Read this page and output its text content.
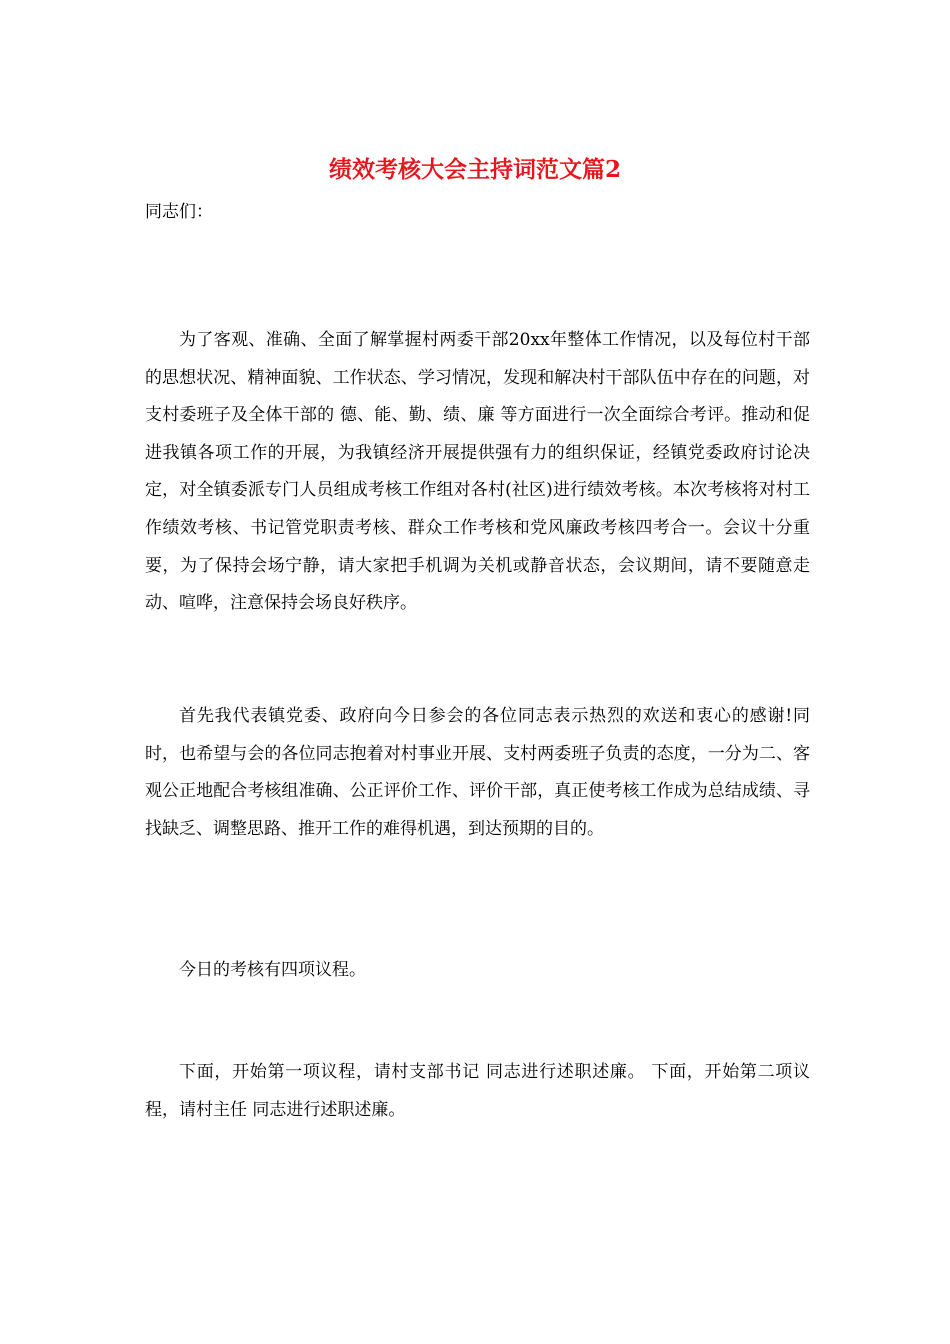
绩效考核大会主持词范文篇2
同志们：

为了客观、准确、全面了解掌握村两委干部20xx年整体工作情况，以及每位村干部的思想状况、精神面貌、工作状态、学习情况，发现和解决村干部队伍中存在的问题，对支村委班子及全体干部的 德、能、勤、绩、廉 等方面进行一次全面综合考评。推动和促进我镇各项工作的开展，为我镇经济开展提供强有力的组织保证，经镇党委政府讨论决定，对全镇委派专门人员组成考核工作组对各村(社区)进行绩效考核。本次考核将对村工作绩效考核、书记管党职责考核、群众工作考核和党风廉政考核四考合一。会议十分重要，为了保持会场宁静，请大家把手机调为关机或静音状态，会议期间，请不要随意走动、喧哗，注意保持会场良好秩序。

首先我代表镇党委、政府向今日参会的各位同志表示热烈的欢送和衷心的感谢!同时，也希望与会的各位同志抱着对村事业开展、支村两委班子负责的态度，一分为二、客观公正地配合考核组准确、公正评价工作、评价干部，真正使考核工作成为总结成绩、寻找缺乏、调整思路、推开工作的难得机遇，到达预期的目的。

今日的考核有四项议程。

下面，开始第一项议程，请村支部书记 同志进行述职述廉。 下面，开始第二项议程，请村主任 同志进行述职述廉。
